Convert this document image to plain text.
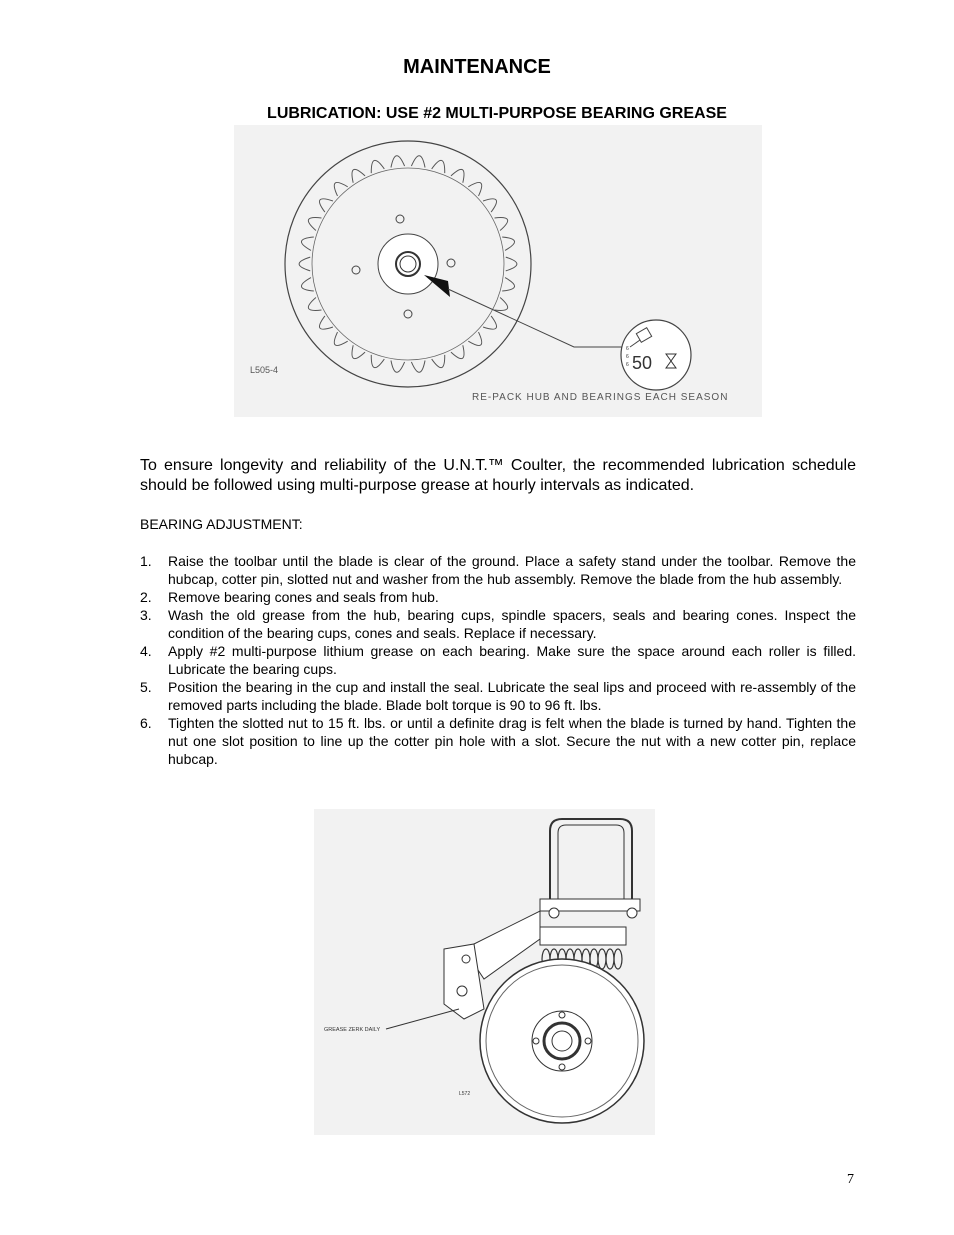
MAINTENANCE
LUBRICATION: USE #2 MULTI-PURPOSE BEARING GREASE
6
6
6 50
L505-4
RE-PACK HUB AND BEARINGS EACH SEASON
To ensure longevity and reliability of the U.N.T.™ Coulter, the recommended lubrication schedule should be followed using multi-purpose grease at hourly intervals as indicated.
BEARING ADJUSTMENT:
1. Raise the toolbar until the blade is clear of the ground. Place a safety stand under the toolbar. Remove the hubcap, cotter pin, slotted nut and washer from the hub assembly. Remove the blade from the hub assembly.
2. Remove bearing cones and seals from hub.
3. Wash the old grease from the hub, bearing cups, spindle spacers, seals and bearing cones. Inspect the condition of the bearing cups, cones and seals. Replace if necessary.
4. Apply #2 multi-purpose lithium grease on each bearing. Make sure the space around each roller is filled. Lubricate the bearing cups.
5. Position the bearing in the cup and install the seal. Lubricate the seal lips and proceed with re-assembly of the removed parts including the blade. Blade bolt torque is 90 to 96 ft. lbs.
6. Tighten the slotted nut to 15 ft. lbs. or until a definite drag is felt when the blade is turned by hand. Tighten the nut one slot position to line up the cotter pin hole with a slot. Secure the nut with a new cotter pin, replace hubcap.
GREASE ZERK DAILY
L572
7
